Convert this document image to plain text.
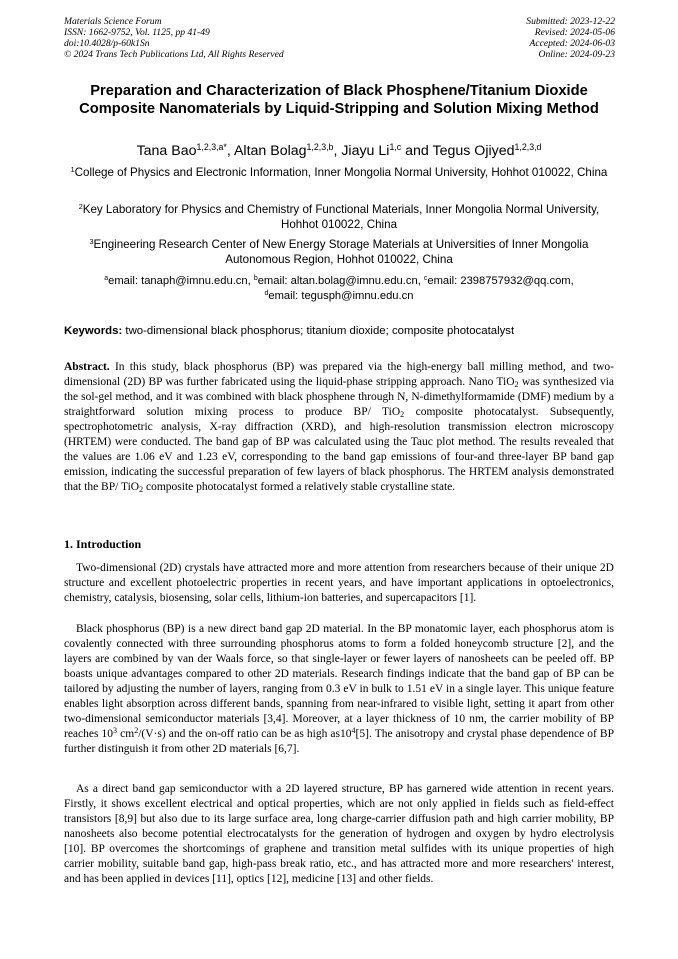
Materials Science Forum
ISSN: 1662-9752, Vol. 1125, pp 41-49
doi:10.4028/p-60k1Sn
© 2024 Trans Tech Publications Ltd, All Rights Reserved
Submitted: 2023-12-22
Revised: 2024-05-06
Accepted: 2024-06-03
Online: 2024-09-23
Preparation and Characterization of Black Phosphene/Titanium Dioxide Composite Nanomaterials by Liquid-Stripping and Solution Mixing Method
Tana Bao$^{1,2,3,a*}$, Altan Bolag$^{1,2,3,b}$, Jiayu Li$^{1,c}$ and Tegus Ojiyed$^{1,2,3,d}$
$^1$College of Physics and Electronic Information, Inner Mongolia Normal University, Hohhot 010022, China
$^2$Key Laboratory for Physics and Chemistry of Functional Materials, Inner Mongolia Normal University, Hohhot 010022, China
$^3$Engineering Research Center of New Energy Storage Materials at Universities of Inner Mongolia Autonomous Region, Hohhot 010022, China
$^a$email: tanaph@imnu.edu.cn, $^b$email: altan.bolag@imnu.edu.cn, $^c$email: 2398757932@qq.com,
$^d$email: tegusph@imnu.edu.cn
Keywords: two-dimensional black phosphorus; titanium dioxide; composite photocatalyst
Abstract. In this study, black phosphorus (BP) was prepared via the high-energy ball milling method, and two-dimensional (2D) BP was further fabricated using the liquid-phase stripping approach. Nano TiO$_2$ was synthesized via the sol-gel method, and it was combined with black phosphene through N, N-dimethylformamide (DMF) medium by a straightforward solution mixing process to produce BP/ TiO$_2$ composite photocatalyst. Subsequently, spectrophotometric analysis, X-ray diffraction (XRD), and high-resolution transmission electron microscopy (HRTEM) were conducted. The band gap of BP was calculated using the Tauc plot method. The results revealed that the values are 1.06 eV and 1.23 eV, corresponding to the band gap emissions of four-and three-layer BP band gap emission, indicating the successful preparation of few layers of black phosphorus. The HRTEM analysis demonstrated that the BP/ TiO$_2$ composite photocatalyst formed a relatively stable crystalline state.
1. Introduction
Two-dimensional (2D) crystals have attracted more and more attention from researchers because of their unique 2D structure and excellent photoelectric properties in recent years, and have important applications in optoelectronics, chemistry, catalysis, biosensing, solar cells, lithium-ion batteries, and supercapacitors [1].
Black phosphorus (BP) is a new direct band gap 2D material. In the BP monatomic layer, each phosphorus atom is covalently connected with three surrounding phosphorus atoms to form a folded honeycomb structure [2], and the layers are combined by van der Waals force, so that single-layer or fewer layers of nanosheets can be peeled off. BP boasts unique advantages compared to other 2D materials. Research findings indicate that the band gap of BP can be tailored by adjusting the number of layers, ranging from 0.3 eV in bulk to 1.51 eV in a single layer. This unique feature enables light absorption across different bands, spanning from near-infrared to visible light, setting it apart from other two-dimensional semiconductor materials [3,4]. Moreover, at a layer thickness of 10 nm, the carrier mobility of BP reaches $10^3$ $cm^2/(V\cdot s)$ and the on-off ratio can be as high $as10^4[5]$. The anisotropy and crystal phase dependence of BP further distinguish it from other 2D materials [6,7].
As a direct band gap semiconductor with a 2D layered structure, BP has garnered wide attention in recent years. Firstly, it shows excellent electrical and optical properties, which are not only applied in fields such as field-effect transistors [8,9] but also due to its large surface area, long charge-carrier diffusion path and high carrier mobility, BP nanosheets also become potential electrocatalysts for the generation of hydrogen and oxygen by hydro electrolysis [10]. BP overcomes the shortcomings of graphene and transition metal sulfides with its unique properties of high carrier mobility, suitable band gap, high-pass break ratio, etc., and has attracted more and more researchers' interest, and has been applied in devices [11], optics [12], medicine [13] and other fields.
